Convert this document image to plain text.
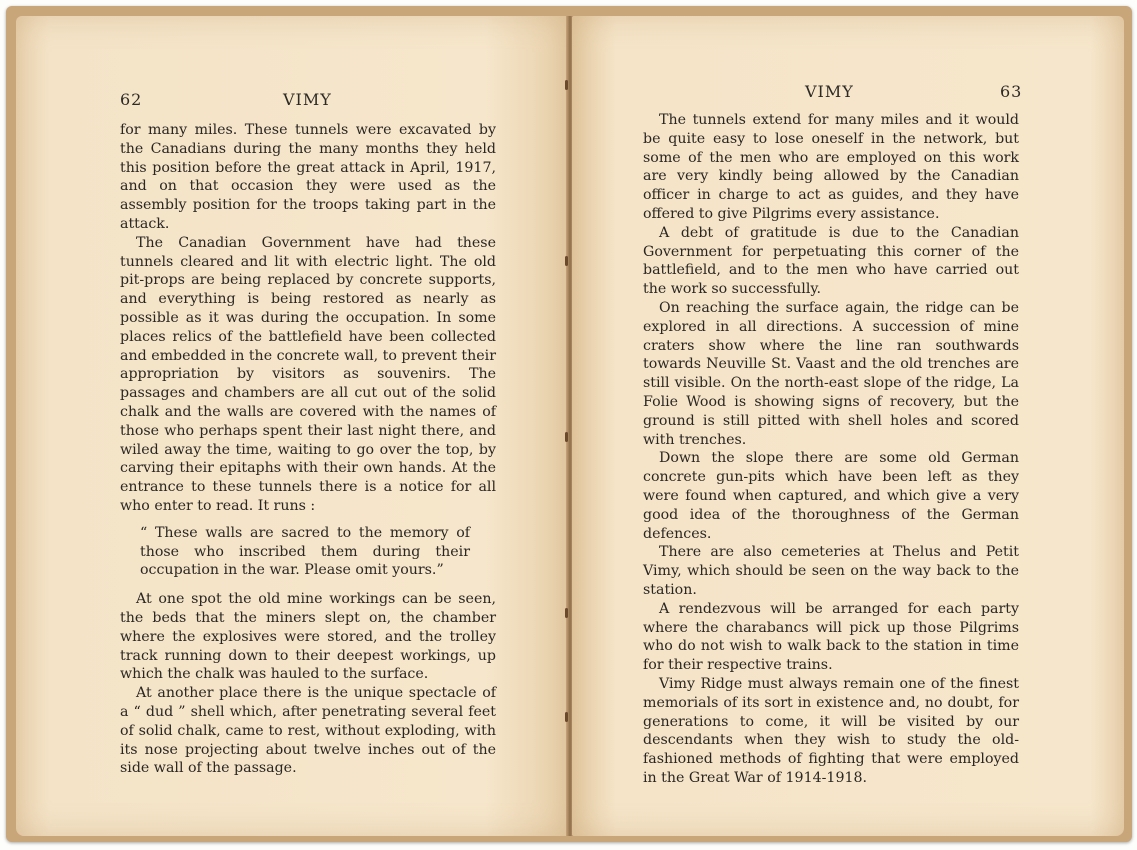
62	VIMY

for many miles. These tunnels were excavated by the Canadians during the many months they held this position before the great attack in April, 1917, and on that occasion they were used as the assembly position for the troops taking part in the attack.

The Canadian Government have had these tunnels cleared and lit with electric light. The old pit-props are being replaced by concrete supports, and everything is being restored as nearly as possible as it was during the occupation. In some places relics of the battlefield have been collected and embedded in the concrete wall, to prevent their appropriation by visitors as souvenirs. The passages and chambers are all cut out of the solid chalk and the walls are covered with the names of those who perhaps spent their last night there, and wiled away the time, waiting to go over the top, by carving their epitaphs with their own hands. At the entrance to these tunnels there is a notice for all who enter to read. It runs :

“ These walls are sacred to the memory of those who inscribed them during their occupation in the war. Please omit yours.”

At one spot the old mine workings can be seen, the beds that the miners slept on, the chamber where the explosives were stored, and the trolley track running down to their deepest workings, up which the chalk was hauled to the surface.

At another place there is the unique spectacle of a “ dud ” shell which, after penetrating several feet of solid chalk, came to rest, without exploding, with its nose projecting about twelve inches out of the side wall of the passage.

VIMY	63

The tunnels extend for many miles and it would be quite easy to lose oneself in the network, but some of the men who are employed on this work are very kindly being allowed by the Canadian officer in charge to act as guides, and they have offered to give Pilgrims every assistance.

A debt of gratitude is due to the Canadian Government for perpetuating this corner of the battlefield, and to the men who have carried out the work so successfully.

On reaching the surface again, the ridge can be explored in all directions. A succession of mine craters show where the line ran southwards towards Neuville St. Vaast and the old trenches are still visible. On the north-east slope of the ridge, La Folie Wood is showing signs of recovery, but the ground is still pitted with shell holes and scored with trenches.

Down the slope there are some old German concrete gun-pits which have been left as they were found when captured, and which give a very good idea of the thoroughness of the German defences.

There are also cemeteries at Thelus and Petit Vimy, which should be seen on the way back to the station.

A rendezvous will be arranged for each party where the charabancs will pick up those Pilgrims who do not wish to walk back to the station in time for their respective trains.

Vimy Ridge must always remain one of the finest memorials of its sort in existence and, no doubt, for generations to come, it will be visited by our descendants when they wish to study the old-fashioned methods of fighting that were employed in the Great War of 1914-1918.
